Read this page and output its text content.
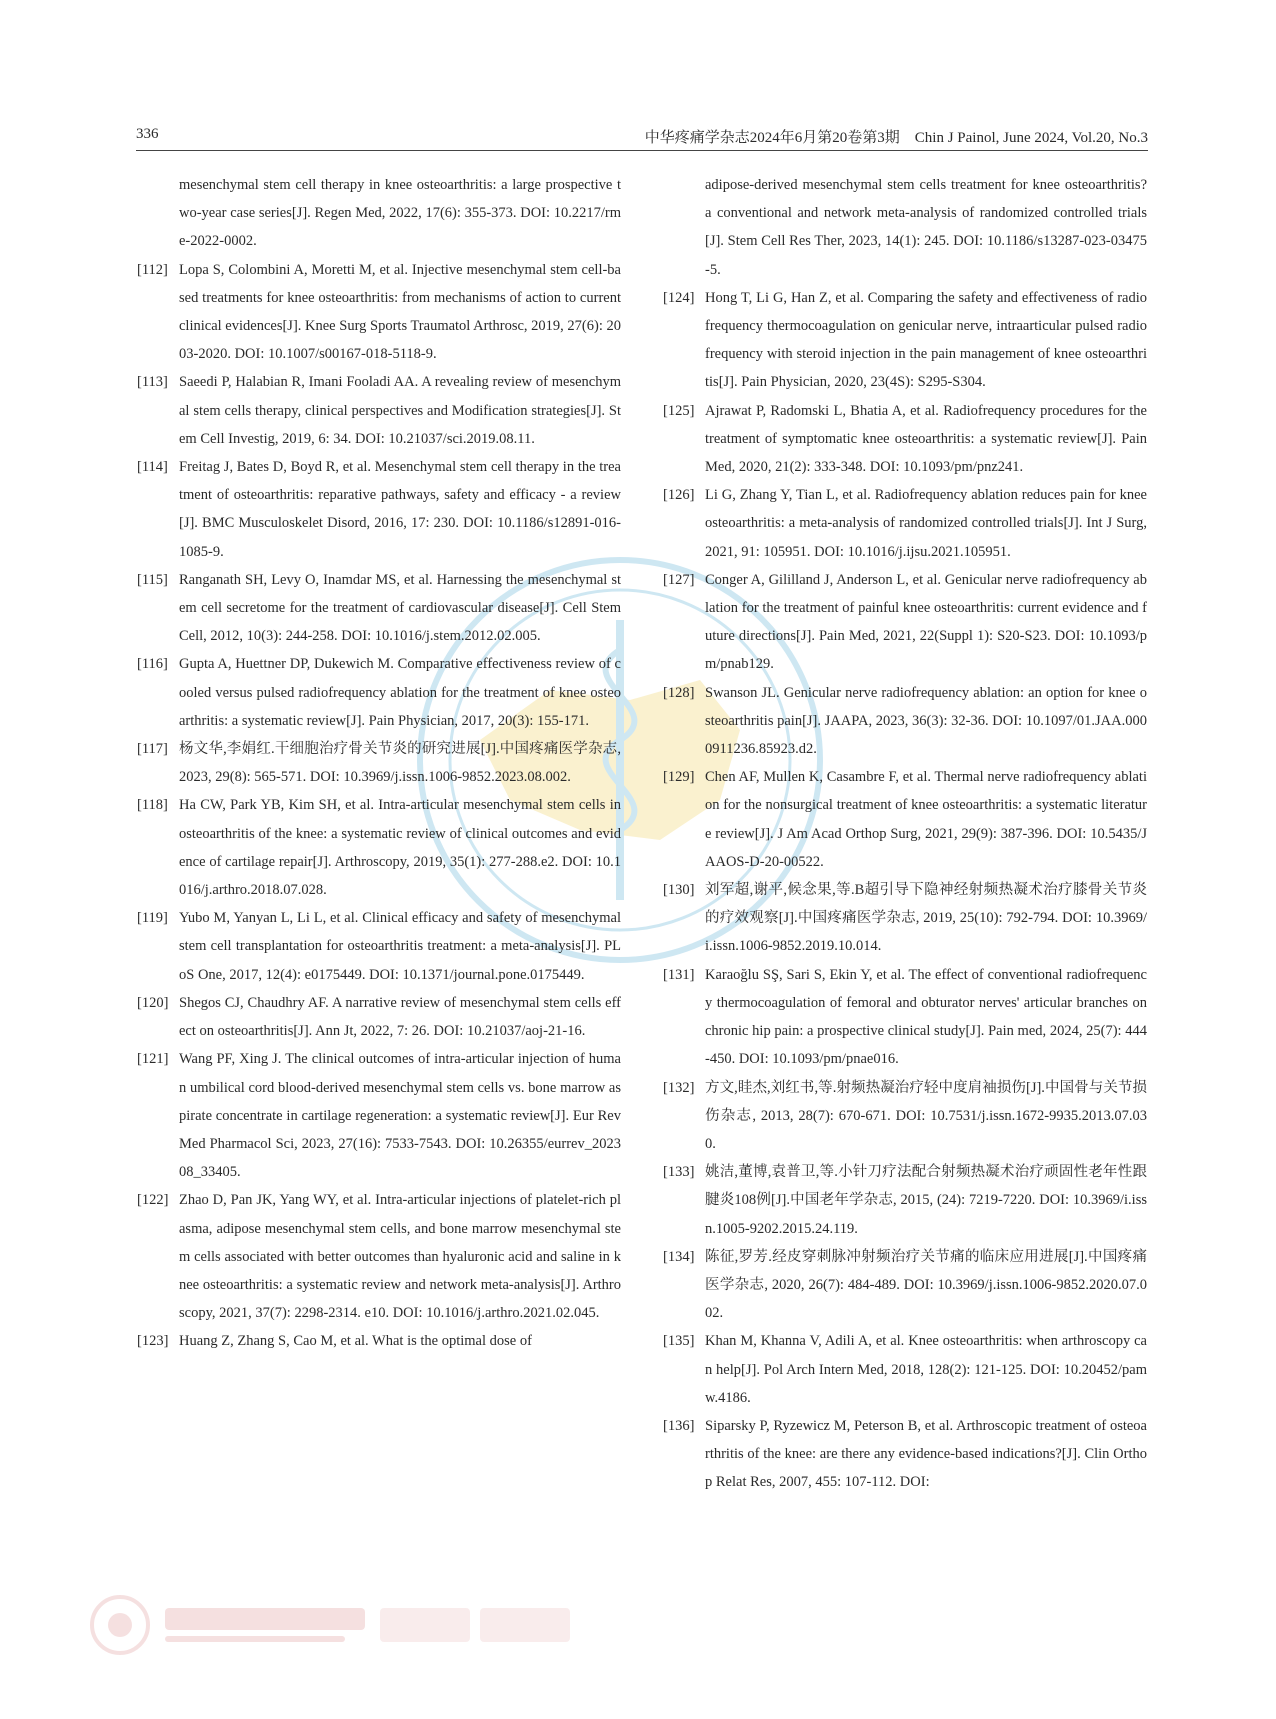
336	中华疼痛学杂志2024年6月第20卷第3期　Chin J Painol, June 2024, Vol.20, No.3
mesenchymal stem cell therapy in knee osteoarthritis: a large prospective two-year case series[J]. Regen Med, 2022, 17(6): 355-373. DOI: 10.2217/rme-2022-0002.
[112] Lopa S, Colombini A, Moretti M, et al. Injective mesenchymal stem cell-based treatments for knee osteoarthritis: from mechanisms of action to current clinical evidences[J]. Knee Surg Sports Traumatol Arthrosc, 2019, 27(6): 2003-2020. DOI: 10.1007/s00167-018-5118-9.
[113] Saeedi P, Halabian R, Imani Fooladi AA. A revealing review of mesenchymal stem cells therapy, clinical perspectives and Modification strategies[J]. Stem Cell Investig, 2019, 6: 34. DOI: 10.21037/sci.2019.08.11.
[114] Freitag J, Bates D, Boyd R, et al. Mesenchymal stem cell therapy in the treatment of osteoarthritis: reparative pathways, safety and efficacy - a review[J]. BMC Musculoskelet Disord, 2016, 17: 230. DOI: 10.1186/s12891-016-1085-9.
[115] Ranganath SH, Levy O, Inamdar MS, et al. Harnessing the mesenchymal stem cell secretome for the treatment of cardiovascular disease[J]. Cell Stem Cell, 2012, 10(3): 244-258. DOI: 10.1016/j.stem.2012.02.005.
[116] Gupta A, Huettner DP, Dukewich M. Comparative effectiveness review of cooled versus pulsed radiofrequency ablation for the treatment of knee osteoarthritis: a systematic review[J]. Pain Physician, 2017, 20(3): 155-171.
[117] 杨文华,李娟红.干细胞治疗骨关节炎的研究进展[J].中国疼痛医学杂志, 2023, 29(8): 565-571. DOI: 10.3969/j.issn.1006-9852.2023.08.002.
[118] Ha CW, Park YB, Kim SH, et al. Intra-articular mesenchymal stem cells in osteoarthritis of the knee: a systematic review of clinical outcomes and evidence of cartilage repair[J]. Arthroscopy, 2019, 35(1): 277-288.e2. DOI: 10.1016/j.arthro.2018.07.028.
[119] Yubo M, Yanyan L, Li L, et al. Clinical efficacy and safety of mesenchymal stem cell transplantation for osteoarthritis treatment: a meta-analysis[J]. PLoS One, 2017, 12(4): e0175449. DOI: 10.1371/journal.pone.0175449.
[120] Shegos CJ, Chaudhry AF. A narrative review of mesenchymal stem cells effect on osteoarthritis[J]. Ann Jt, 2022, 7: 26. DOI: 10.21037/aoj-21-16.
[121] Wang PF, Xing J. The clinical outcomes of intra-articular injection of human umbilical cord blood-derived mesenchymal stem cells vs. bone marrow aspirate concentrate in cartilage regeneration: a systematic review[J]. Eur Rev Med Pharmacol Sci, 2023, 27(16): 7533-7543. DOI: 10.26355/eurrev_202308_33405.
[122] Zhao D, Pan JK, Yang WY, et al. Intra-articular injections of platelet-rich plasma, adipose mesenchymal stem cells, and bone marrow mesenchymal stem cells associated with better outcomes than hyaluronic acid and saline in knee osteoarthritis: a systematic review and network meta-analysis[J]. Arthroscopy, 2021, 37(7): 2298-2314. e10. DOI: 10.1016/j.arthro.2021.02.045.
[123] Huang Z, Zhang S, Cao M, et al. What is the optimal dose of
adipose-derived mesenchymal stem cells treatment for knee osteoarthritis? a conventional and network meta-analysis of randomized controlled trials[J]. Stem Cell Res Ther, 2023, 14(1): 245. DOI: 10.1186/s13287-023-03475-5.
[124] Hong T, Li G, Han Z, et al. Comparing the safety and effectiveness of radiofrequency thermocoagulation on genicular nerve, intraarticular pulsed radiofrequency with steroid injection in the pain management of knee osteoarthritis[J]. Pain Physician, 2020, 23(4S): S295-S304.
[125] Ajrawat P, Radomski L, Bhatia A, et al. Radiofrequency procedures for the treatment of symptomatic knee osteoarthritis: a systematic review[J]. Pain Med, 2020, 21(2): 333-348. DOI: 10.1093/pm/pnz241.
[126] Li G, Zhang Y, Tian L, et al. Radiofrequency ablation reduces pain for knee osteoarthritis: a meta-analysis of randomized controlled trials[J]. Int J Surg, 2021, 91: 105951. DOI: 10.1016/j.ijsu.2021.105951.
[127] Conger A, Gililland J, Anderson L, et al. Genicular nerve radiofrequency ablation for the treatment of painful knee osteoarthritis: current evidence and future directions[J]. Pain Med, 2021, 22(Suppl 1): S20-S23. DOI: 10.1093/pm/pnab129.
[128] Swanson JL. Genicular nerve radiofrequency ablation: an option for knee osteoarthritis pain[J]. JAAPA, 2023, 36(3): 32-36. DOI: 10.1097/01.JAA.0000911236.85923.d2.
[129] Chen AF, Mullen K, Casambre F, et al. Thermal nerve radiofrequency ablation for the nonsurgical treatment of knee osteoarthritis: a systematic literature review[J]. J Am Acad Orthop Surg, 2021, 29(9): 387-396. DOI: 10.5435/JAAOS-D-20-00522.
[130] 刘军超,谢平,候念果,等.B超引导下隐神经射频热凝术治疗膝骨关节炎的疗效观察[J].中国疼痛医学杂志, 2019, 25(10): 792-794. DOI: 10.3969/i.issn.1006-9852.2019.10.014.
[131] Karaoğlu SŞ, Sari S, Ekin Y, et al. The effect of conventional radiofrequency thermocoagulation of femoral and obturator nerves' articular branches on chronic hip pain: a prospective clinical study[J]. Pain med, 2024, 25(7): 444-450. DOI: 10.1093/pm/pnae016.
[132] 方文,眭杰,刘红书,等.射频热凝治疗轻中度肩袖损伤[J].中国骨与关节损伤杂志, 2013, 28(7): 670-671. DOI: 10.7531/j.issn.1672-9935.2013.07.030.
[133] 姚洁,董博,袁普卫,等.小针刀疗法配合射频热凝术治疗顽固性老年性跟腱炎108例[J].中国老年学杂志, 2015, (24): 7219-7220. DOI: 10.3969/i.issn.1005-9202.2015.24.119.
[134] 陈征,罗芳.经皮穿刺脉冲射频治疗关节痛的临床应用进展[J].中国疼痛医学杂志, 2020, 26(7): 484-489. DOI: 10.3969/j.issn.1006-9852.2020.07.002.
[135] Khan M, Khanna V, Adili A, et al. Knee osteoarthritis: when arthroscopy can help[J]. Pol Arch Intern Med, 2018, 128(2): 121-125. DOI: 10.20452/pamw.4186.
[136] Siparsky P, Ryzewicz M, Peterson B, et al. Arthroscopic treatment of osteoarthritis of the knee: are there any evidence-based indications?[J]. Clin Orthop Relat Res, 2007, 455: 107-112. DOI:
